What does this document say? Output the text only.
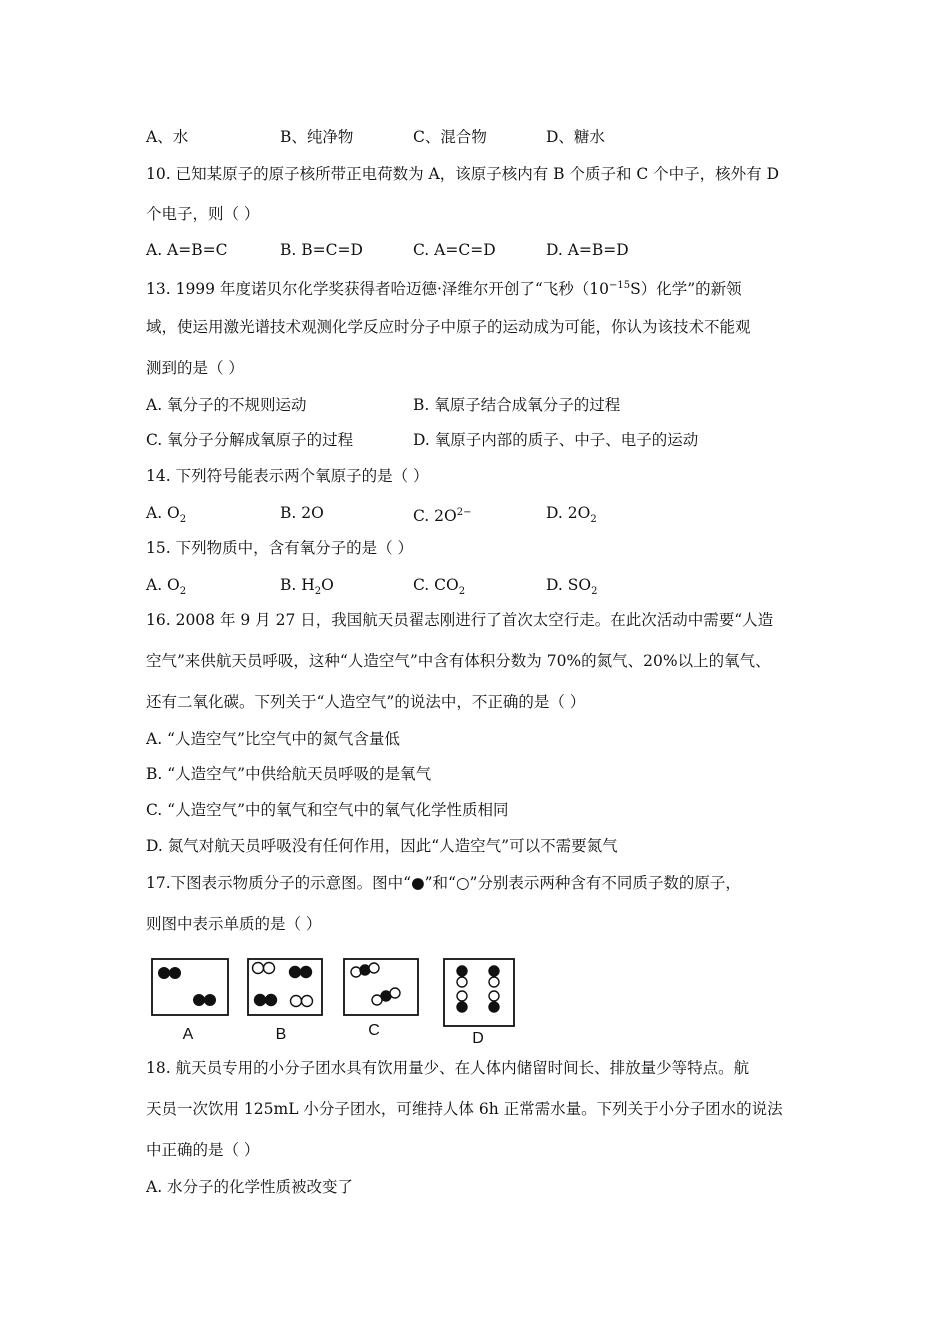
A、水	B、纯净物	C、混合物	D、糖水
10. 已知某原子的原子核所带正电荷数为 A，该原子核内有 B 个质子和 C 个中子，核外有 D
个电子，则（ ）
A. A=B=C	B. B=C=D	C. A=C=D	D. A=B=D
13. 1999 年度诺贝尔化学奖获得者哈迈德·泽维尔开创了“飞秒$(10^{-15}S)$化学”的新领
域，使运用激光谱技术观测化学反应时分子中原子的运动成为可能，你认为该技术不能观
测到的是（ ）
A. 氧分子的不规则运动	B. 氧原子结合成氧分子的过程
C. 氧分子分解成氧原子的过程	D. 氧原子内部的质子、中子、电子的运动
14. 下列符号能表示两个氧原子的是（ ）
A. $O_2$	B. 2O	C. $2O^{2-}$	D. $2O_2$
15. 下列物质中，含有氧分子的是（ ）
A. $O_2$	B. $H_2O$	C. $CO_2$	D. $SO_2$
16. 2008 年 9 月 27 日，我国航天员翟志刚进行了首次太空行走。在此次活动中需要“人造
空气”来供航天员呼吸，这种“人造空气”中含有体积分数为 70%的氮气、20%以上的氧气、
还有二氧化碳。下列关于“人造空气”的说法中，不正确的是（ ）
A. “人造空气”比空气中的氮气含量低
B. “人造空气”中供给航天员呼吸的是氧气
C. “人造空气”中的氧气和空气中的氧气化学性质相同
D. 氮气对航天员呼吸没有任何作用，因此“人造空气”可以不需要氮气
17.下图表示物质分子的示意图。图中“●”和“○”分别表示两种含有不同质子数的原子，
则图中表示单质的是（ ）
A	B	C	D
18. 航天员专用的小分子团水具有饮用量少、在人体内储留时间长、排放量少等特点。航
天员一次饮用 125mL 小分子团水，可维持人体 6h 正常需水量。下列关于小分子团水的说法
中正确的是（ ）
A. 水分子的化学性质被改变了
